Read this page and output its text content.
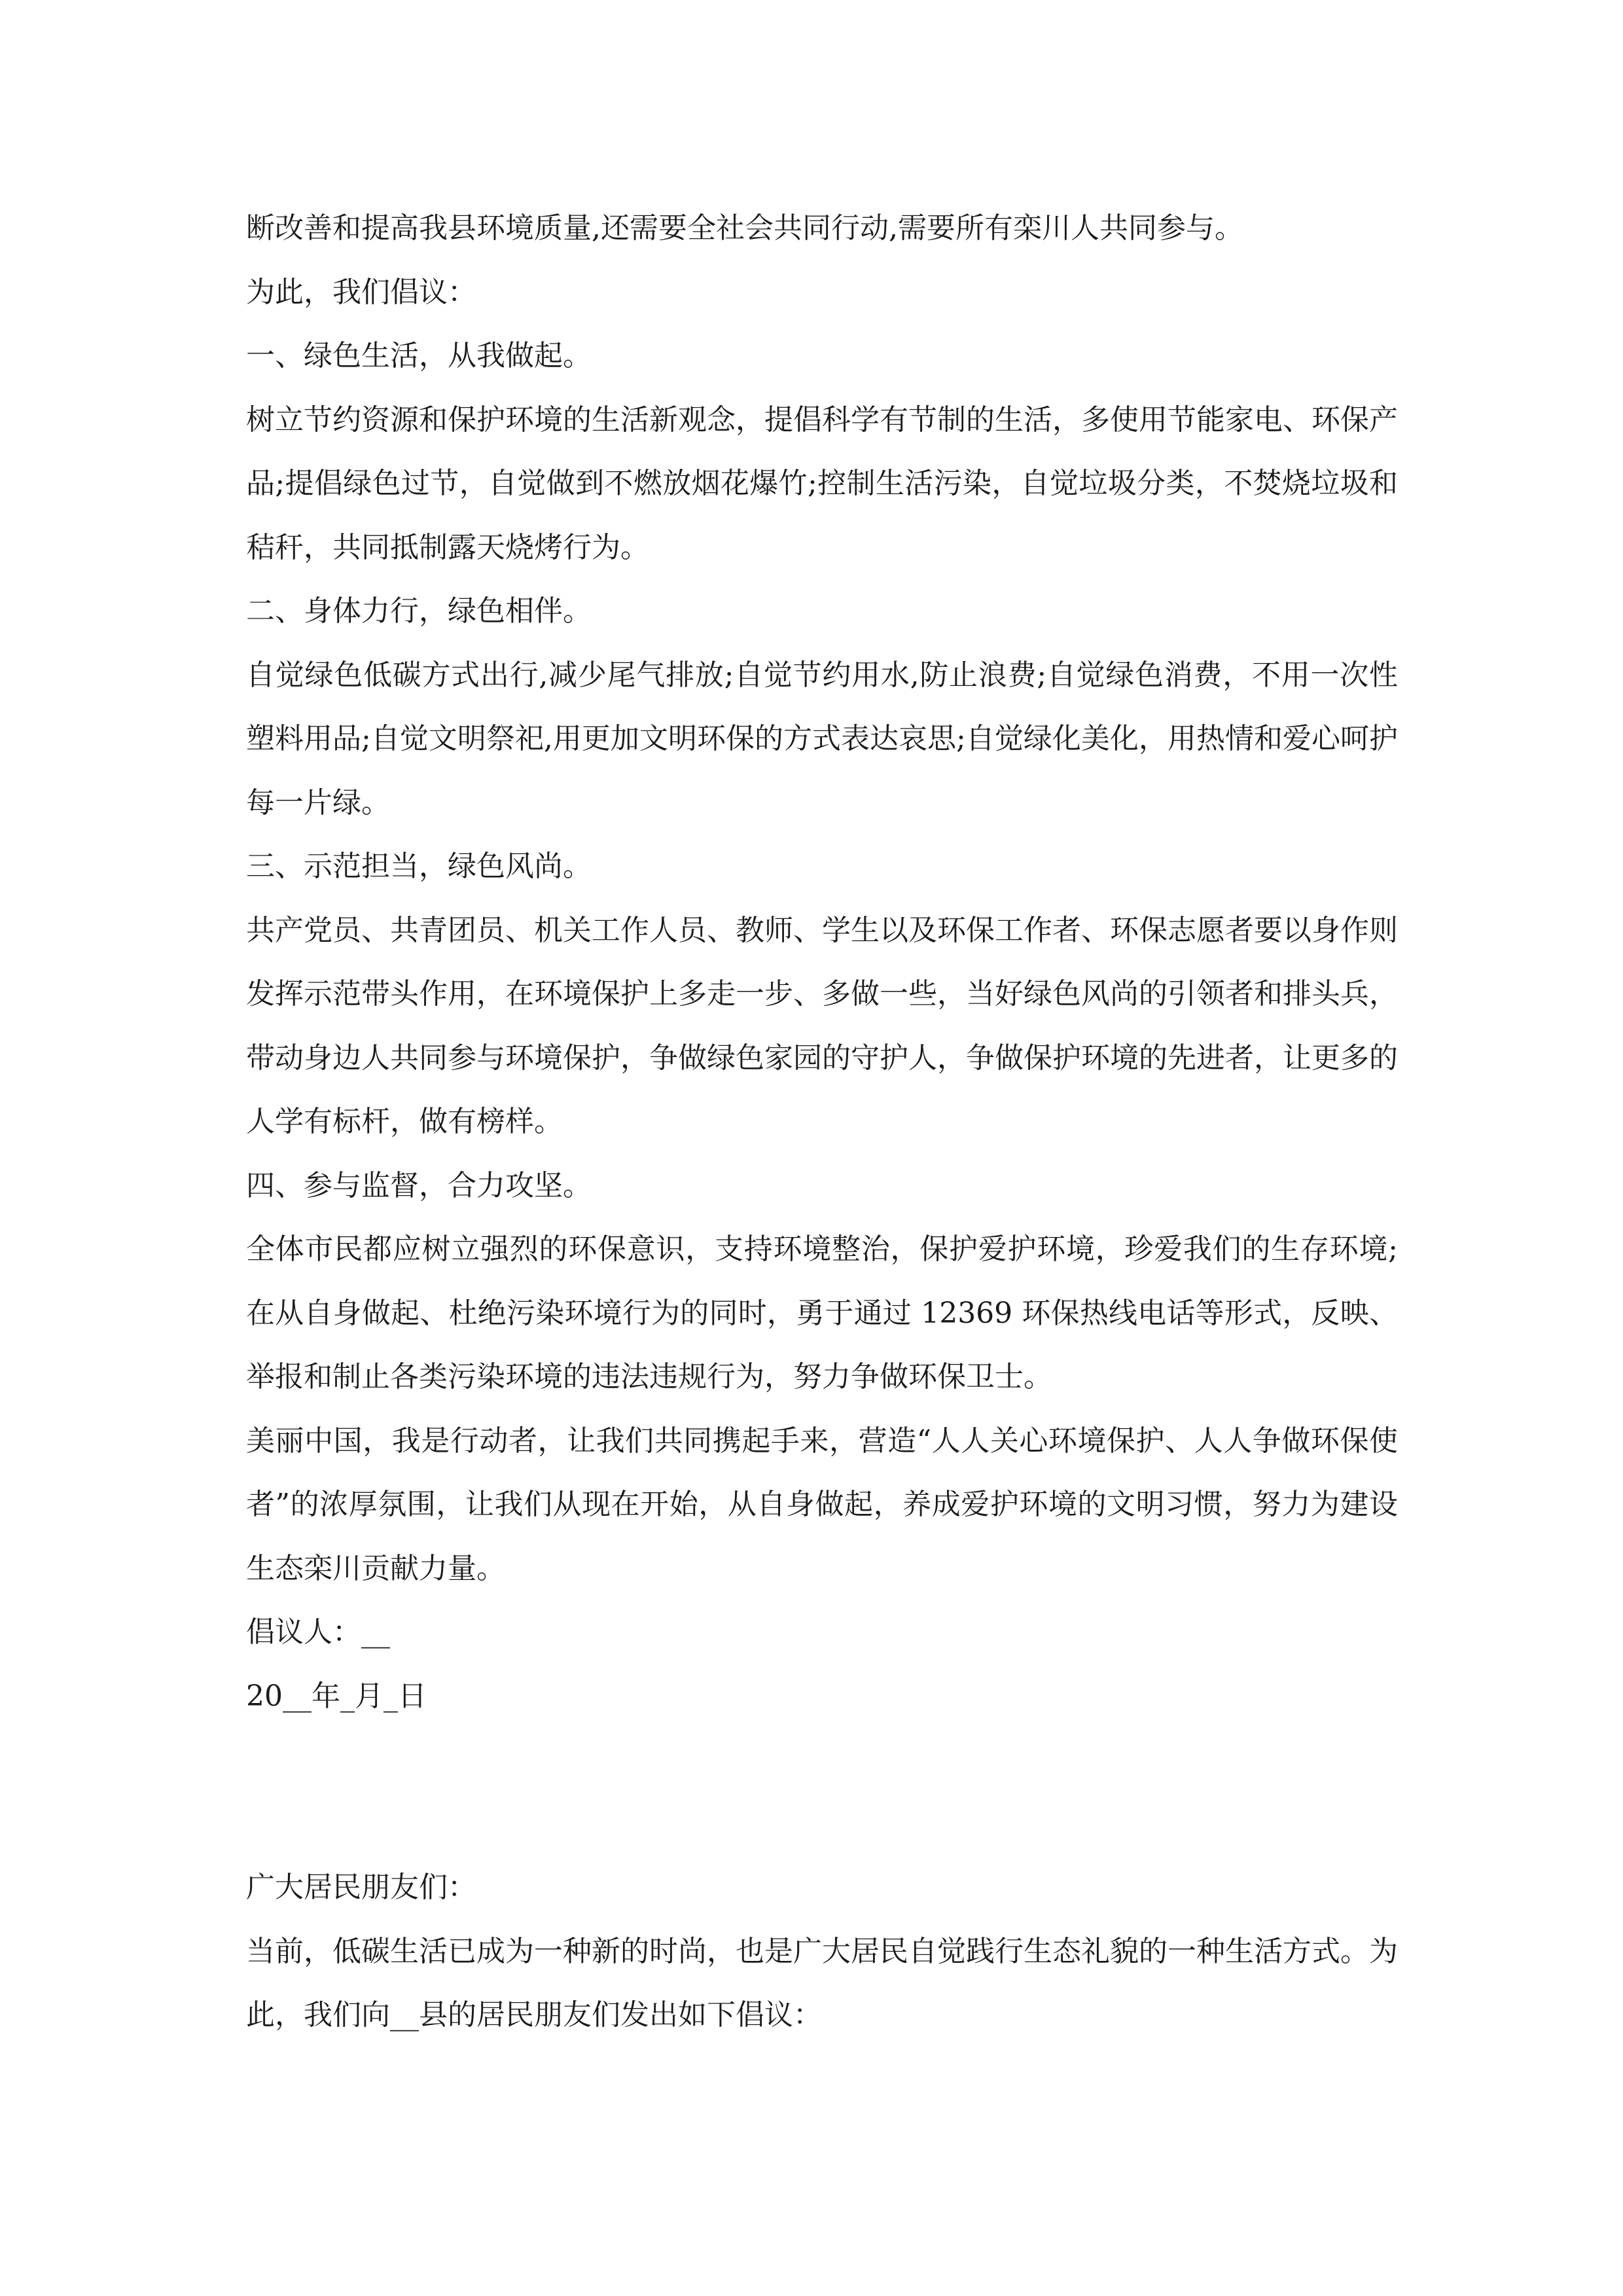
断改善和提高我县环境质量,还需要全社会共同行动,需要所有栾川人共同参与。

为此，我们倡议：

一、绿色生活，从我做起。

树立节约资源和保护环境的生活新观念，提倡科学有节制的生活，多使用节能家电、环保产品;提倡绿色过节，自觉做到不燃放烟花爆竹;控制生活污染，自觉垃圾分类，不焚烧垃圾和秸秆，共同抵制露天烧烤行为。

二、身体力行，绿色相伴。

自觉绿色低碳方式出行,减少尾气排放;自觉节约用水,防止浪费;自觉绿色消费，不用一次性塑料用品;自觉文明祭祀,用更加文明环保的方式表达哀思;自觉绿化美化，用热情和爱心呵护每一片绿。

三、示范担当，绿色风尚。

共产党员、共青团员、机关工作人员、教师、学生以及环保工作者、环保志愿者要以身作则发挥示范带头作用，在环境保护上多走一步、多做一些，当好绿色风尚的引领者和排头兵，带动身边人共同参与环境保护，争做绿色家园的守护人，争做保护环境的先进者，让更多的人学有标杆，做有榜样。

四、参与监督，合力攻坚。

全体市民都应树立强烈的环保意识，支持环境整治，保护爱护环境，珍爱我们的生存环境;在从自身做起、杜绝污染环境行为的同时，勇于通过 12369 环保热线电话等形式，反映、举报和制止各类污染环境的违法违规行为，努力争做环保卫士。

美丽中国，我是行动者，让我们共同携起手来，营造“人人关心环境保护、人人争做环保使者”的浓厚氛围，让我们从现在开始，从自身做起，养成爱护环境的文明习惯，努力为建设生态栾川贡献力量。

倡议人：__

20__年_月_日

广大居民朋友们：

当前，低碳生活已成为一种新的时尚，也是广大居民自觉践行生态礼貌的一种生活方式。为此，我们向__县的居民朋友们发出如下倡议：
